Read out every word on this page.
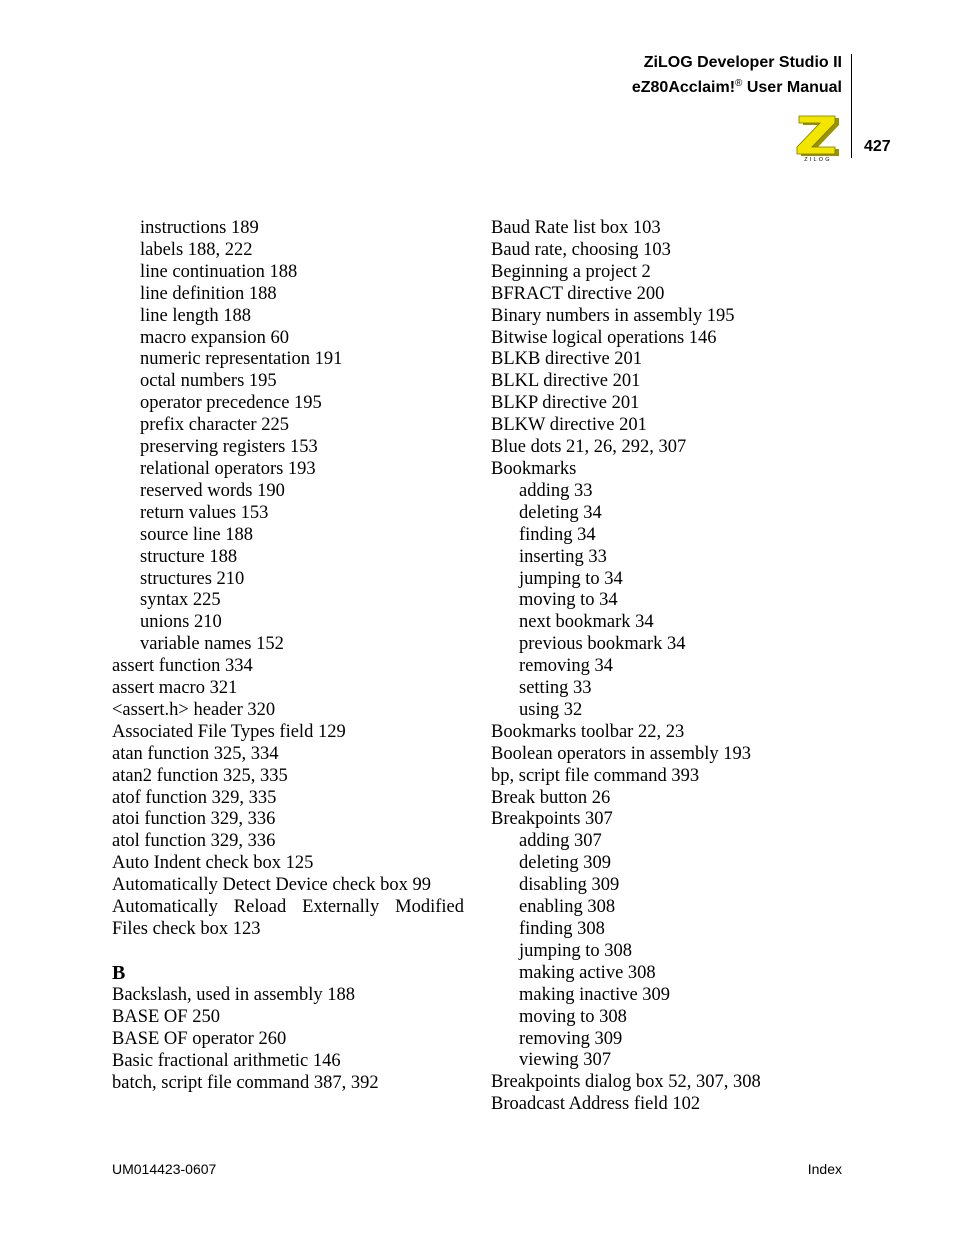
ZiLOG Developer Studio II
eZ80Acclaim!® User Manual
ZILOG
427
instructions 189
labels 188, 222
line continuation 188
line definition 188
line length 188
macro expansion 60
numeric representation 191
octal numbers 195
operator precedence 195
prefix character 225
preserving registers 153
relational operators 193
reserved words 190
return values 153
source line 188
structure 188
structures 210
syntax 225
unions 210
variable names 152
assert function 334
assert macro 321
<assert.h> header 320
Associated File Types field 129
atan function 325, 334
atan2 function 325, 335
atof function 329, 335
atoi function 329, 336
atol function 329, 336
Auto Indent check box 125
Automatically Detect Device check box 99
Automatically Reload Externally Modified
Files check box 123
B
Backslash, used in assembly 188
BASE OF 250
BASE OF operator 260
Basic fractional arithmetic 146
batch, script file command 387, 392
Baud Rate list box 103
Baud rate, choosing 103
Beginning a project 2
BFRACT directive 200
Binary numbers in assembly 195
Bitwise logical operations 146
BLKB directive 201
BLKL directive 201
BLKP directive 201
BLKW directive 201
Blue dots 21, 26, 292, 307
Bookmarks
adding 33
deleting 34
finding 34
inserting 33
jumping to 34
moving to 34
next bookmark 34
previous bookmark 34
removing 34
setting 33
using 32
Bookmarks toolbar 22, 23
Boolean operators in assembly 193
bp, script file command 393
Break button 26
Breakpoints 307
adding 307
deleting 309
disabling 309
enabling 308
finding 308
jumping to 308
making active 308
making inactive 309
moving to 308
removing 309
viewing 307
Breakpoints dialog box 52, 307, 308
Broadcast Address field 102
UM014423-0607	Index
